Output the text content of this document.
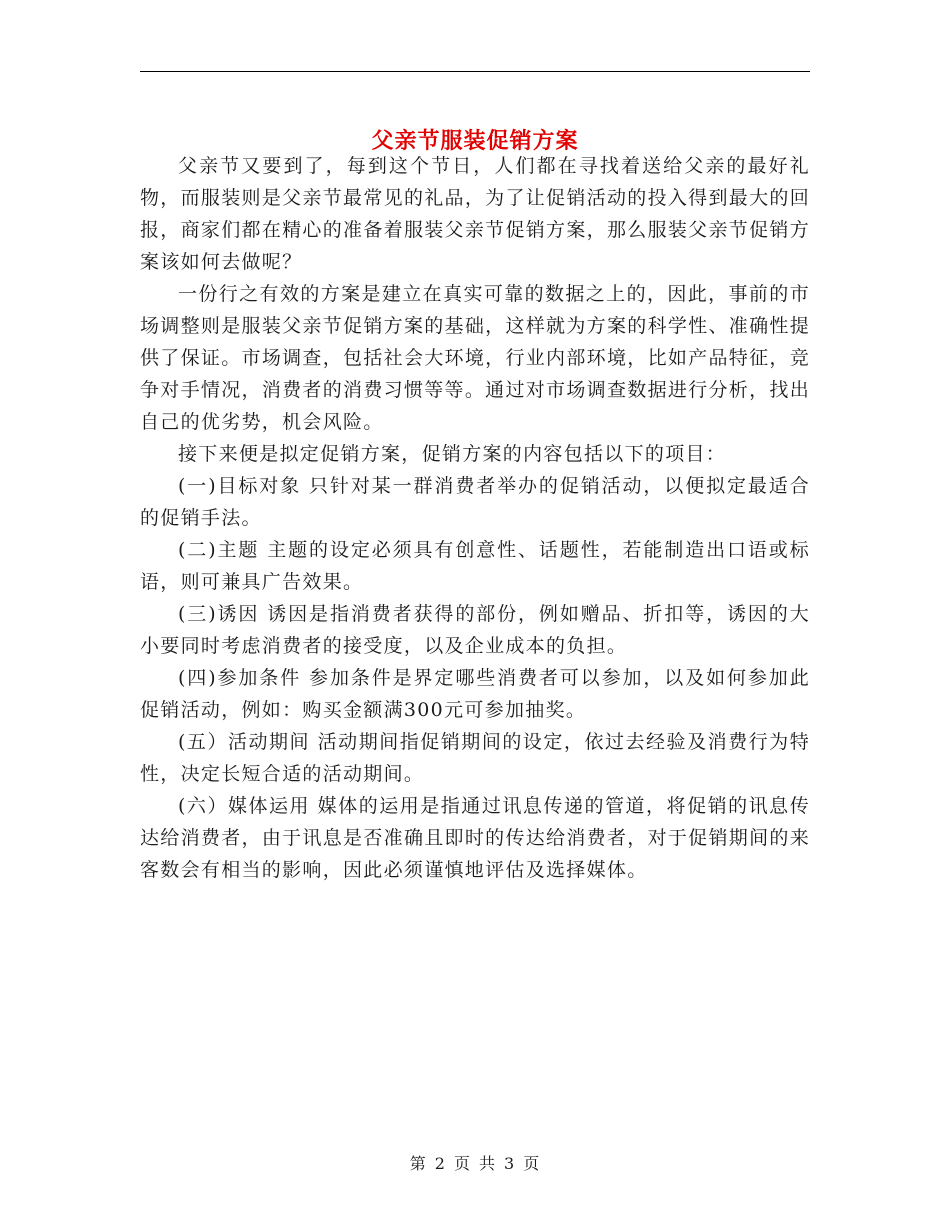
父亲节服装促销方案

父亲节又要到了，每到这个节日，人们都在寻找着送给父亲的最好礼物，而服装则是父亲节最常见的礼品，为了让促销活动的投入得到最大的回报，商家们都在精心的准备着服装父亲节促销方案，那么服装父亲节促销方案该如何去做呢？

一份行之有效的方案是建立在真实可靠的数据之上的，因此，事前的市场调整则是服装父亲节促销方案的基础，这样就为方案的科学性、准确性提供了保证。市场调查，包括社会大环境，行业内部环境，比如产品特征，竞争对手情况，消费者的消费习惯等等。通过对市场调查数据进行分析，找出自己的优劣势，机会风险。

接下来便是拟定促销方案，促销方案的内容包括以下的项目：

(一)目标对象 只针对某一群消费者举办的促销活动，以便拟定最适合的促销手法。

(二)主题 主题的设定必须具有创意性、话题性，若能制造出口语或标语，则可兼具广告效果。

(三)诱因 诱因是指消费者获得的部份，例如赠品、折扣等，诱因的大小要同时考虑消费者的接受度，以及企业成本的负担。

(四)参加条件 参加条件是界定哪些消费者可以参加，以及如何参加此促销活动，例如：购买金额满300元可参加抽奖。

(五）活动期间 活动期间指促销期间的设定，依过去经验及消费行为特性，决定长短合适的活动期间。

(六）媒体运用 媒体的运用是指通过讯息传递的管道，将促销的讯息传达给消费者，由于讯息是否准确且即时的传达给消费者，对于促销期间的来客数会有相当的影响，因此必须谨慎地评估及选择媒体。

第 2 页 共 3 页
